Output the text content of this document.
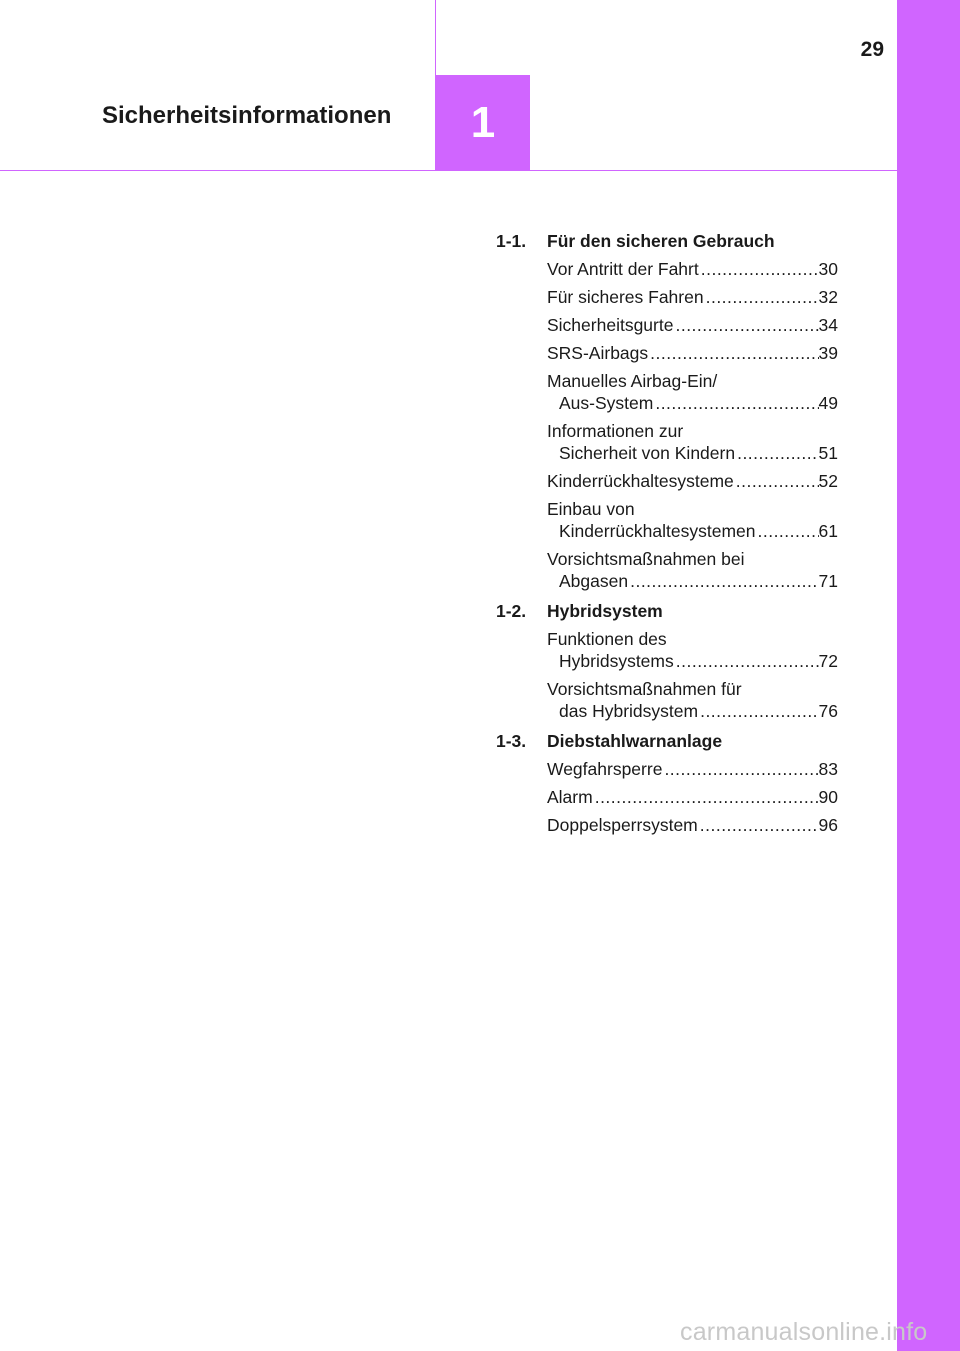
29
1
Sicherheitsinformationen
1-1.	Für den sicheren Gebrauch
Vor Antritt der Fahrt .....	30
Für sicheres Fahren .....	32
Sicherheitsgurte .....	34
SRS-Airbags .....	39
Manuelles Airbag-Ein/
Aus-System .....	49
Informationen zur
Sicherheit von Kindern .....	51
Kinderrückhaltesysteme .....	52
Einbau von
Kinderrückhaltesystemen .....	61
Vorsichtsmaßnahmen bei
Abgasen .....	71
1-2.	Hybridsystem
Funktionen des
Hybridsystems .....	72
Vorsichtsmaßnahmen für
das Hybridsystem .....	76
1-3.	Diebstahlwarnanlage
Wegfahrsperre .....	83
Alarm .....	90
Doppelsperrsystem .....	96
carmanualsonline.info
